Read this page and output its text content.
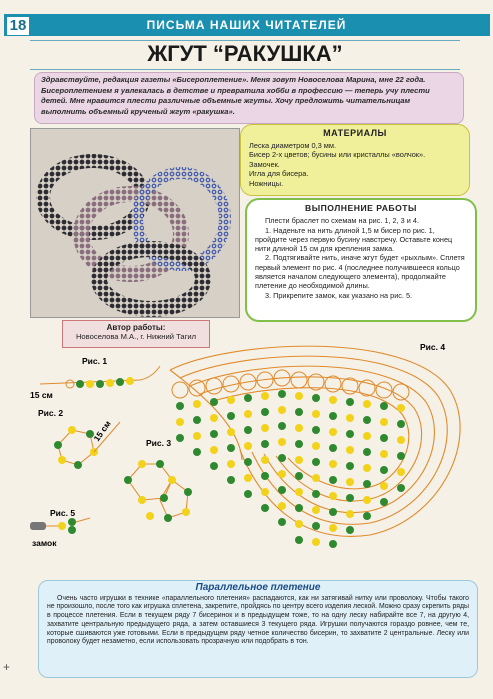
ПИСЬМА НАШИХ ЧИТАТЕЛЕЙ
18
ЖГУТ “РАКУШКА”
Здравствуйте, редакция газеты «Бисероплетение». Меня зовут Новоселова Марина, мне 22 года. Бисероплетением я увлекалась в детстве и превратила хобби в профессию — теперь учу плести детей. Мне нравится плести различные объемные жгуты. Хочу предложить читательницам выполнить объемный крученый жгут «ракушка».
Автор работы:
Новоселова М.А., г. Нижний Тагил
МАТЕРИАЛЫ
Леска диаметром 0,3 мм.
Бисер 2-х цветов; бусины или кристаллы «волчок».
Замочек.
Игла для бисера.
Ножницы.
ВЫПОЛНЕНИЕ РАБОТЫ

Плести браслет по схемам на рис. 1, 2, 3 и 4.

1. Наденьте на нить длиной 1,5 м бисер по рис. 1, пройдите через первую бусину навстречу. Оставьте конец нити длиной 15 см для крепления замка.

2. Подтягивайте нить, иначе жгут будет «рыхлым». Сплетя первый элемент по рис. 4 (последнее получившееся кольцо является началом следующего элемента), продолжайте плетение до необходимой длины.

3. Прикрепите замок, как указано на рис. 5.

Рис. 1
15 см
Рис. 2
15 см	Рис. 3
Рис. 4
Рис. 5
замок
Параллельное плетение

Очень часто игрушки в технике «параллельного плетения» распадаются, как ни затягивай нитку или проволоку. Чтобы такого не произошло, после того как игрушка сплетена, закрепите, пройдясь по центру всего изделия леской. Можно сразу скрепить ряды в процессе плетения. Если в текущем ряду 7 бисеринок и в предыдущем тоже, то на одну леску набирайте все 7, на другую 4, захватите центральную предыдущего ряда, а затем оставшиеся 3 текущего ряда. Игрушки получаются гораздо ровнее, чем те, которые сшиваются уже готовыми. Если в предыдущем ряду четное количество бисерин, то захватите 2 центральные. Леску или проволоку будет незаметно, если использовать прозрачную или подобрать в тон.

+
